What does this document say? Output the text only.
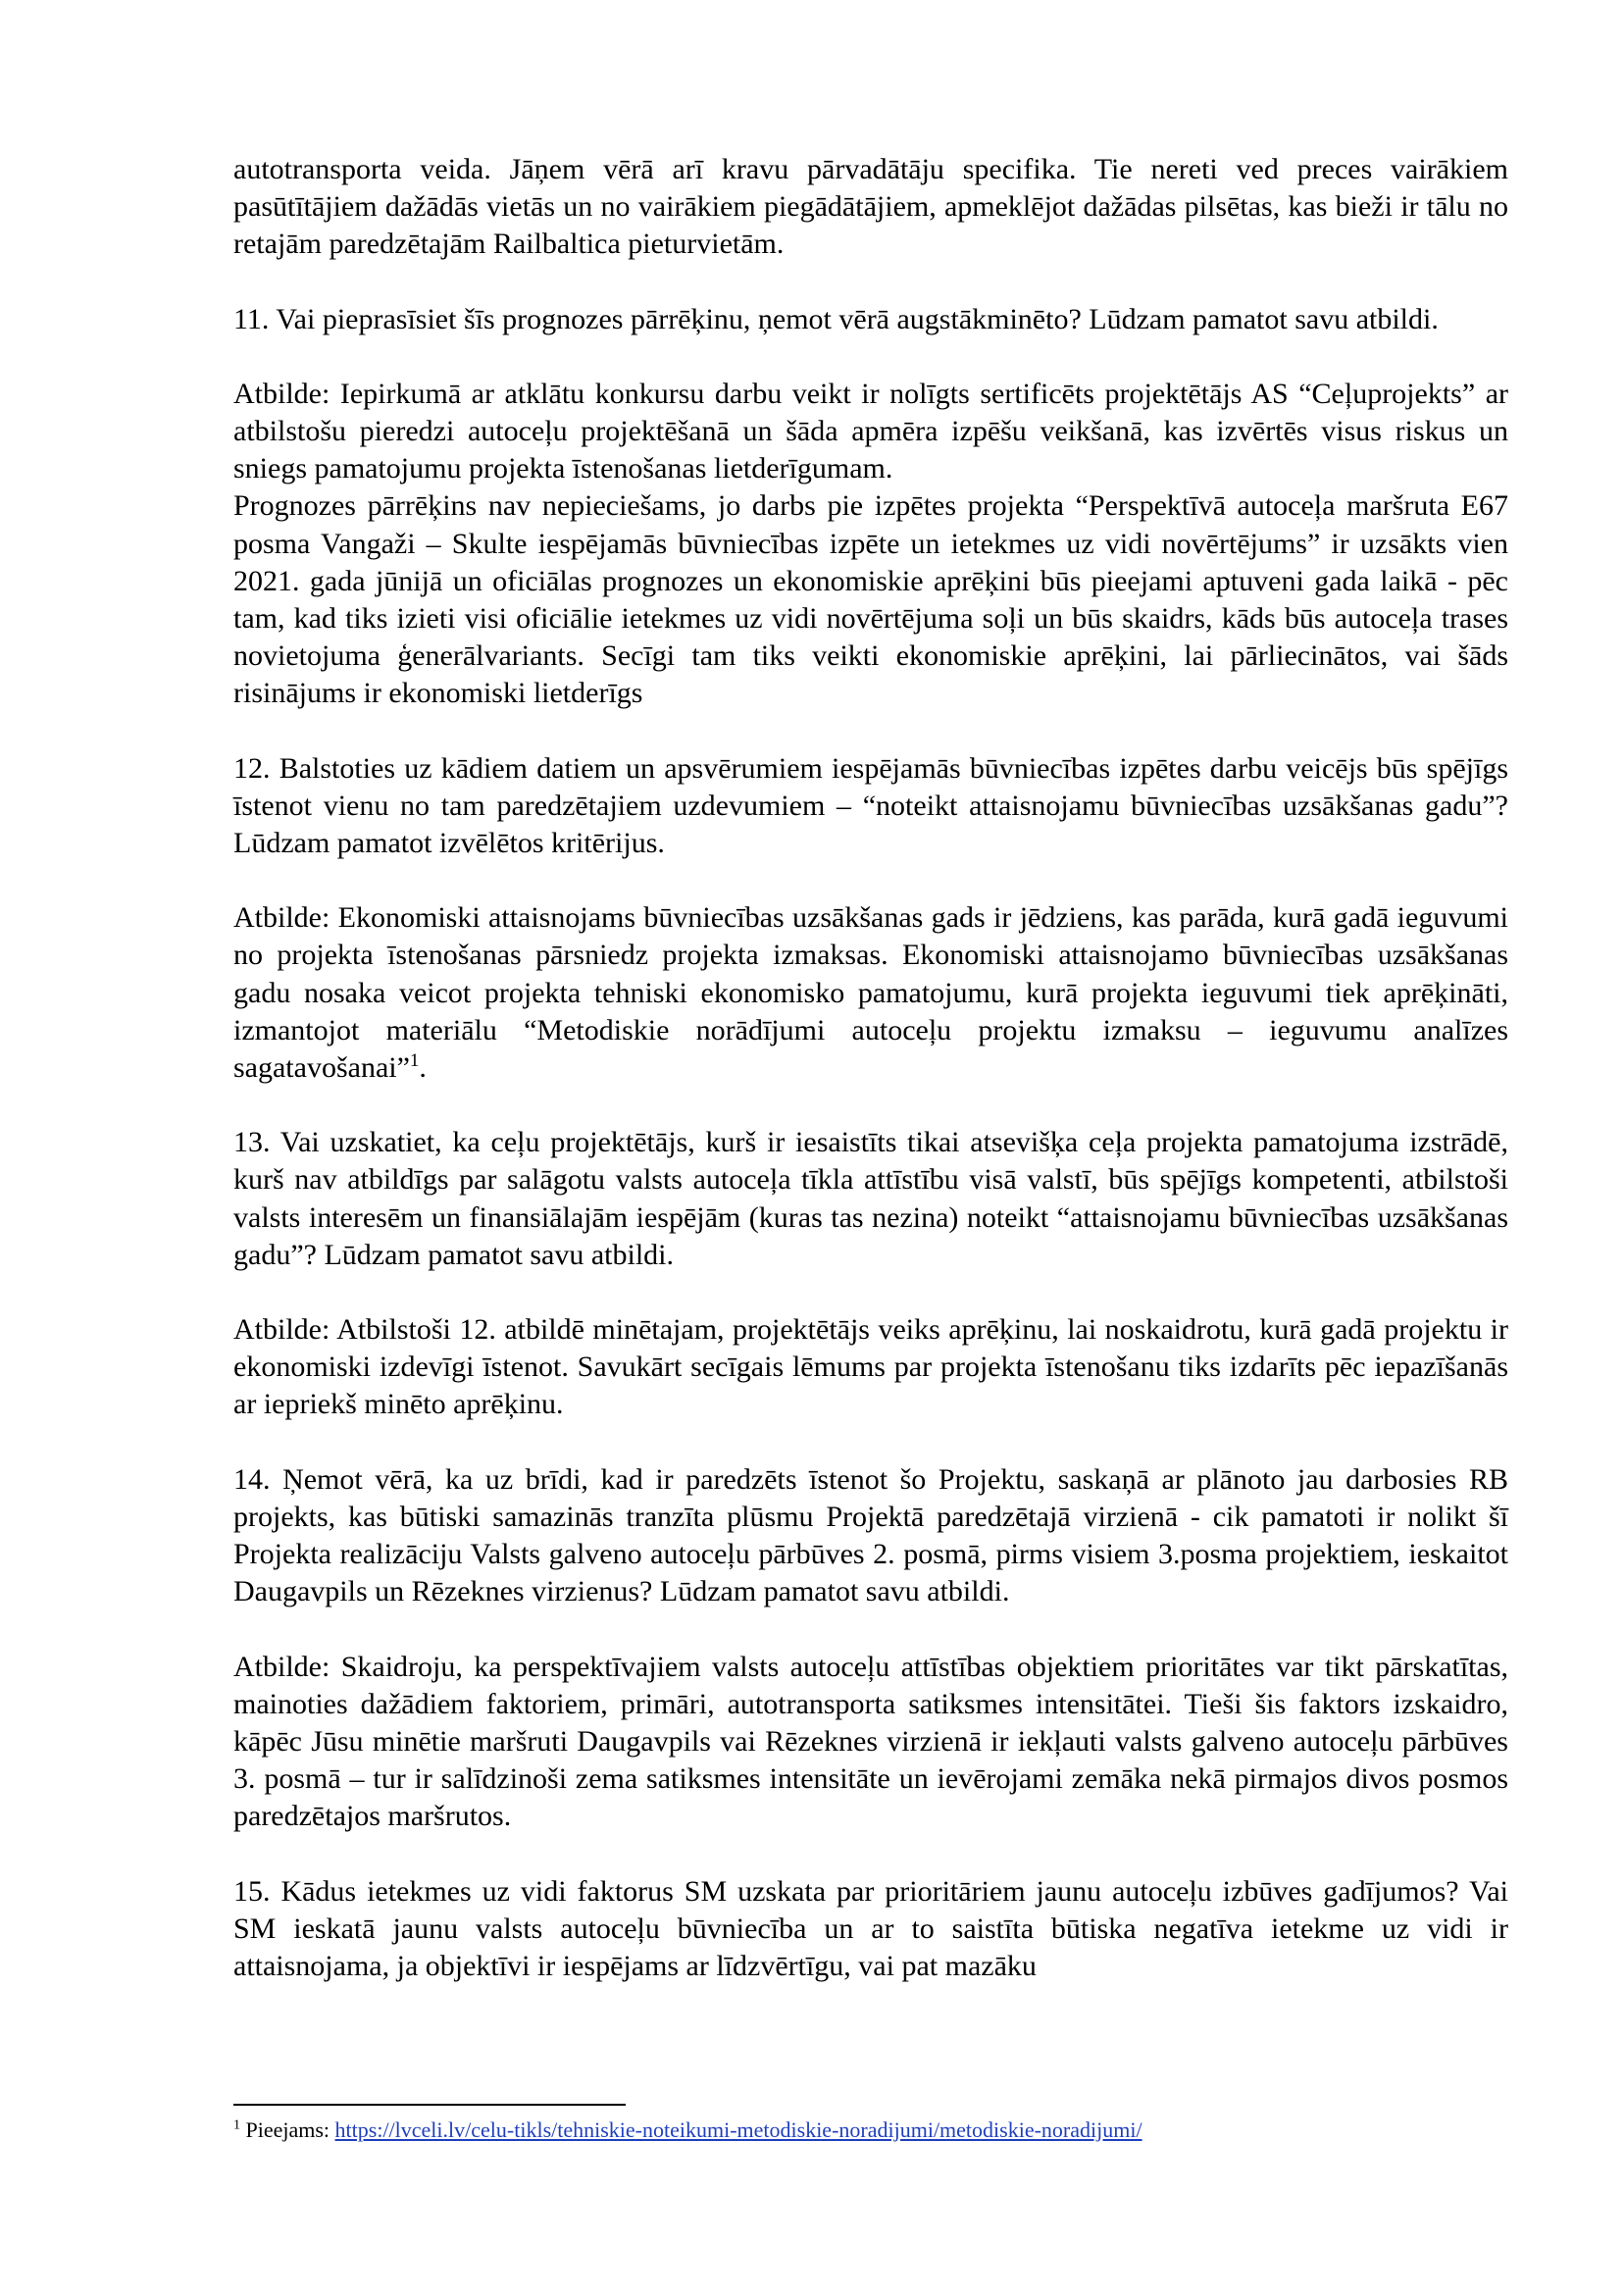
autotransporta veida. Jāņem vērā arī kravu pārvadātāju specifika. Tie nereti ved preces vairākiem pasūtītājiem dažādās vietās un no vairākiem piegādātājiem, apmeklējot dažādas pilsētas, kas bieži ir tālu no retajām paredzētajām Railbaltica pieturvietām.

11. Vai pieprasīsiet šīs prognozes pārrēķinu, ņemot vērā augstākminēto? Lūdzam pamatot savu atbildi.

Atbilde: Iepirkumā ar atklātu konkursu darbu veikt ir nolīgts sertificēts projektētājs AS “Ceļuprojekts” ar atbilstošu pieredzi autoceļu projektēšanā un šāda apmēra izpēšu veikšanā, kas izvērtēs visus riskus un sniegs pamatojumu projekta īstenošanas lietderīgumam.

Prognozes pārrēķins nav nepieciešams, jo darbs pie izpētes projekta “Perspektīvā autoceļa maršruta E67 posma Vangaži – Skulte iespējamās būvniecības izpēte un ietekmes uz vidi novērtējums” ir uzsākts vien 2021. gada jūnijā un oficiālas prognozes un ekonomiskie aprēķini būs pieejami aptuveni gada laikā - pēc tam, kad tiks izieti visi oficiālie ietekmes uz vidi novērtējuma soļi un būs skaidrs, kāds būs autoceļa trases novietojuma ģenerālvariants. Secīgi tam tiks veikti ekonomiskie aprēķini, lai pārliecinātos, vai šāds risinājums ir ekonomiski lietderīgs

12. Balstoties uz kādiem datiem un apsvērumiem iespējamās būvniecības izpētes darbu veicējs būs spējīgs īstenot vienu no tam paredzētajiem uzdevumiem – “noteikt attaisnojamu būvniecības uzsākšanas gadu”? Lūdzam pamatot izvēlētos kritērijus.

Atbilde: Ekonomiski attaisnojams būvniecības uzsākšanas gads ir jēdziens, kas parāda, kurā gadā ieguvumi no projekta īstenošanas pārsniedz projekta izmaksas. Ekonomiski attaisnojamo būvniecības uzsākšanas gadu nosaka veicot projekta tehniski ekonomisko pamatojumu, kurā projekta ieguvumi tiek aprēķināti, izmantojot materiālu “Metodiskie norādījumi autoceļu projektu izmaksu – ieguvumu analīzes sagatavošanai”$^1$.

13. Vai uzskatiet, ka ceļu projektētājs, kurš ir iesaistīts tikai atsevišķa ceļa projekta pamatojuma izstrādē, kurš nav atbildīgs par salāgotu valsts autoceļa tīkla attīstību visā valstī, būs spējīgs kompetenti, atbilstoši valsts interesēm un finansiālajām iespējām (kuras tas nezina) noteikt “attaisnojamu būvniecības uzsākšanas gadu”? Lūdzam pamatot savu atbildi.

Atbilde: Atbilstoši 12. atbildē minētajam, projektētājs veiks aprēķinu, lai noskaidrotu, kurā gadā projektu ir ekonomiski izdevīgi īstenot. Savukārt secīgais lēmums par projekta īstenošanu tiks izdarīts pēc iepazīšanās ar iepriekš minēto aprēķinu.

14. Ņemot vērā, ka uz brīdi, kad ir paredzēts īstenot šo Projektu, saskaņā ar plānoto jau darbosies RB projekts, kas būtiski samazinās tranzīta plūsmu Projektā paredzētajā virzienā - cik pamatoti ir nolikt šī Projekta realizāciju Valsts galveno autoceļu pārbūves 2. posmā, pirms visiem 3.posma projektiem, ieskaitot Daugavpils un Rēzeknes virzienus? Lūdzam pamatot savu atbildi.

Atbilde: Skaidroju, ka perspektīvajiem valsts autoceļu attīstības objektiem prioritātes var tikt pārskatītas, mainoties dažādiem faktoriem, primāri, autotransporta satiksmes intensitātei. Tieši šis faktors izskaidro, kāpēc Jūsu minētie maršruti Daugavpils vai Rēzeknes virzienā ir iekļauti valsts galveno autoceļu pārbūves 3. posmā – tur ir salīdzinoši zema satiksmes intensitāte un ievērojami zemāka nekā pirmajos divos posmos paredzētajos maršrutos.

15. Kādus ietekmes uz vidi faktorus SM uzskata par prioritāriem jaunu autoceļu izbūves gadījumos? Vai SM ieskatā jaunu valsts autoceļu būvniecība un ar to saistīta būtiska negatīva ietekme uz vidi ir attaisnojama, ja objektīvi ir iespējams ar līdzvērtīgu, vai pat mazāku

$^1$ Pieejams: https://lvceli.lv/celu-tikls/tehniskie-noteikumi-metodiskie-noradijumi/metodiskie-noradijumi/
